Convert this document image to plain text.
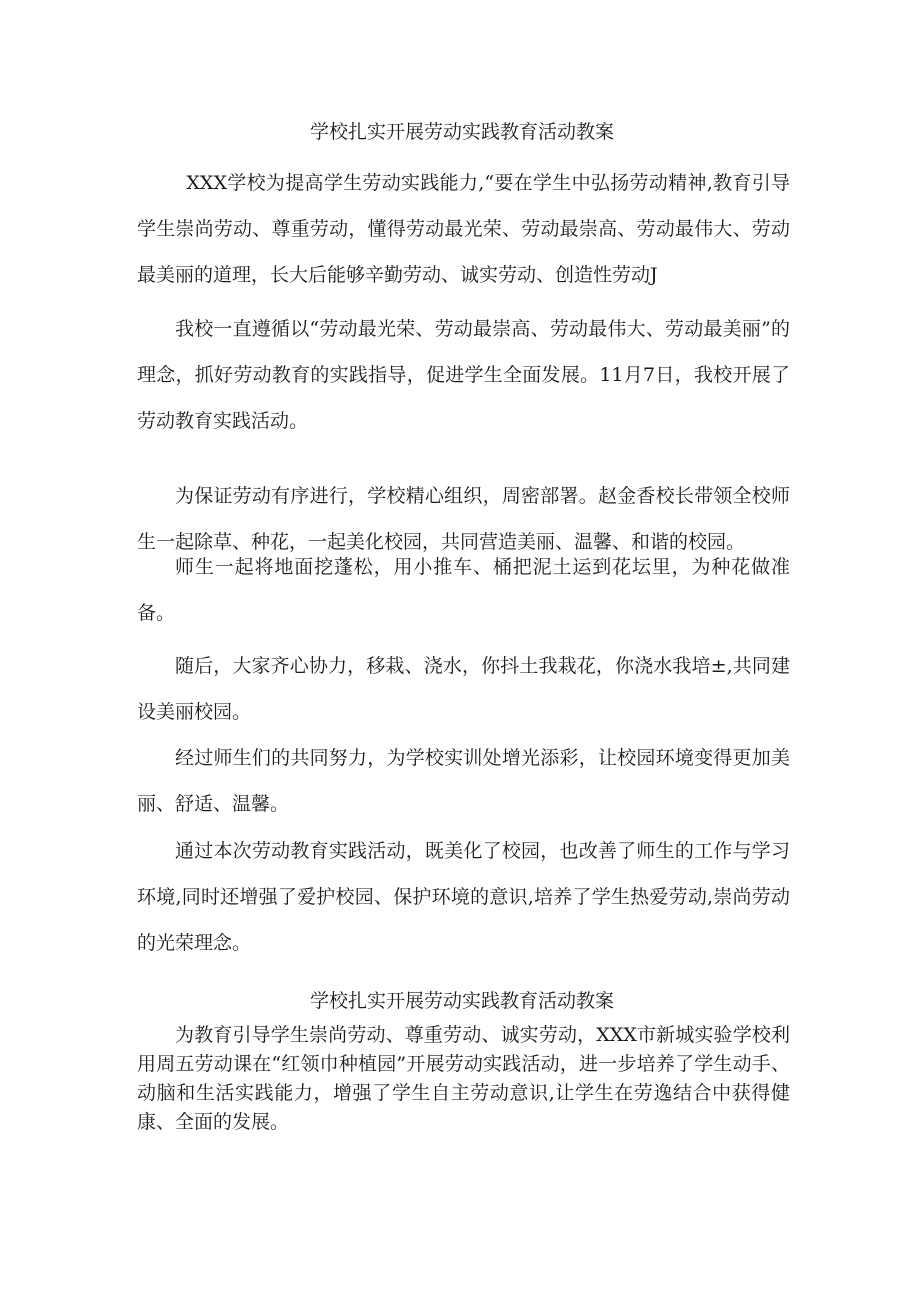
学校扎实开展劳动实践教育活动教案

XXX学校为提高学生劳动实践能力,“要在学生中弘扬劳动精神,教育引导学生崇尚劳动、尊重劳动，懂得劳动最光荣、劳动最崇高、劳动最伟大、劳动最美丽的道理，长大后能够辛勤劳动、诚实劳动、创造性劳动J

我校一直遵循以“劳动最光荣、劳动最崇高、劳动最伟大、劳动最美丽”的理念，抓好劳动教育的实践指导，促进学生全面发展。11月7日，我校开展了劳动教育实践活动。

为保证劳动有序进行，学校精心组织，周密部署。赵金香校长带领全校师生一起除草、种花，一起美化校园，共同营造美丽、温馨、和谐的校园。

师生一起将地面挖蓬松，用小推车、桶把泥土运到花坛里，为种花做准备。

随后，大家齐心协力，移栽、浇水，你抖土我栽花，你浇水我培±,共同建设美丽校园。

经过师生们的共同努力，为学校实训处增光添彩，让校园环境变得更加美丽、舒适、温馨。

通过本次劳动教育实践活动，既美化了校园，也改善了师生的工作与学习环境,同时还增强了爱护校园、保护环境的意识,培养了学生热爱劳动,崇尚劳动的光荣理念。

学校扎实开展劳动实践教育活动教案

为教育引导学生崇尚劳动、尊重劳动、诚实劳动，XXX市新城实验学校利用周五劳动课在“红领巾种植园”开展劳动实践活动，进一步培养了学生动手、动脑和生活实践能力，增强了学生自主劳动意识,让学生在劳逸结合中获得健康、全面的发展。
